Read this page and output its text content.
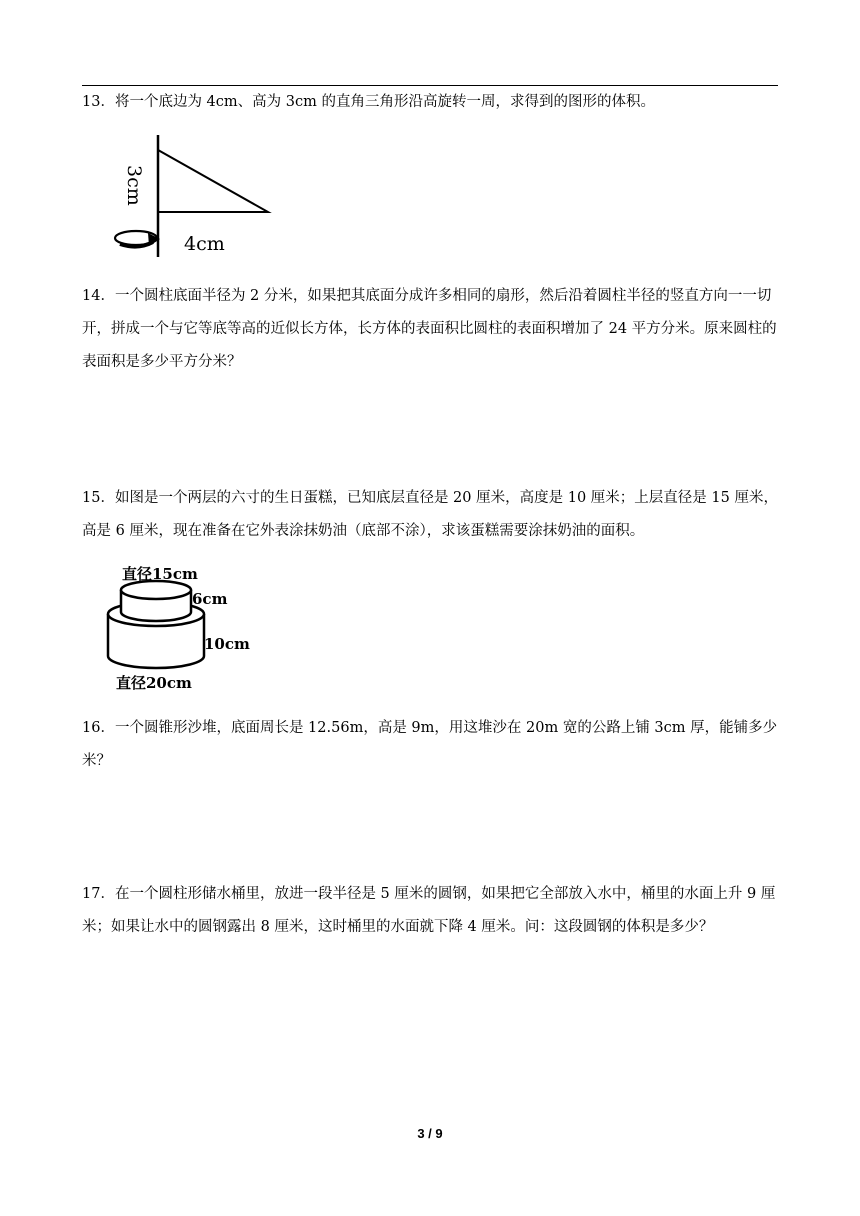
13．将一个底边为 4cm、高为 3cm 的直角三角形沿高旋转一周，求得到的图形的体积。

3cm
4cm

14．一个圆柱底面半径为 2 分米，如果把其底面分成许多相同的扇形，然后沿着圆柱半径的竖直方向一一切开，拼成一个与它等底等高的近似长方体，长方体的表面积比圆柱的表面积增加了 24 平方分米。原来圆柱的表面积是多少平方分米？

15．如图是一个两层的六寸的生日蛋糕，已知底层直径是 20 厘米，高度是 10 厘米；上层直径是 15 厘米，高是 6 厘米，现在准备在它外表涂抹奶油（底部不涂），求该蛋糕需要涂抹奶油的面积。

直径15cm
6cm
10cm
直径20cm

16．一个圆锥形沙堆，底面周长是 12.56m，高是 9m，用这堆沙在 20m 宽的公路上铺 3cm 厚，能铺多少米？

17．在一个圆柱形储水桶里，放进一段半径是 5 厘米的圆钢，如果把它全部放入水中，桶里的水面上升 9 厘米；如果让水中的圆钢露出 8 厘米，这时桶里的水面就下降 4 厘米。问：这段圆钢的体积是多少？

3 / 9
